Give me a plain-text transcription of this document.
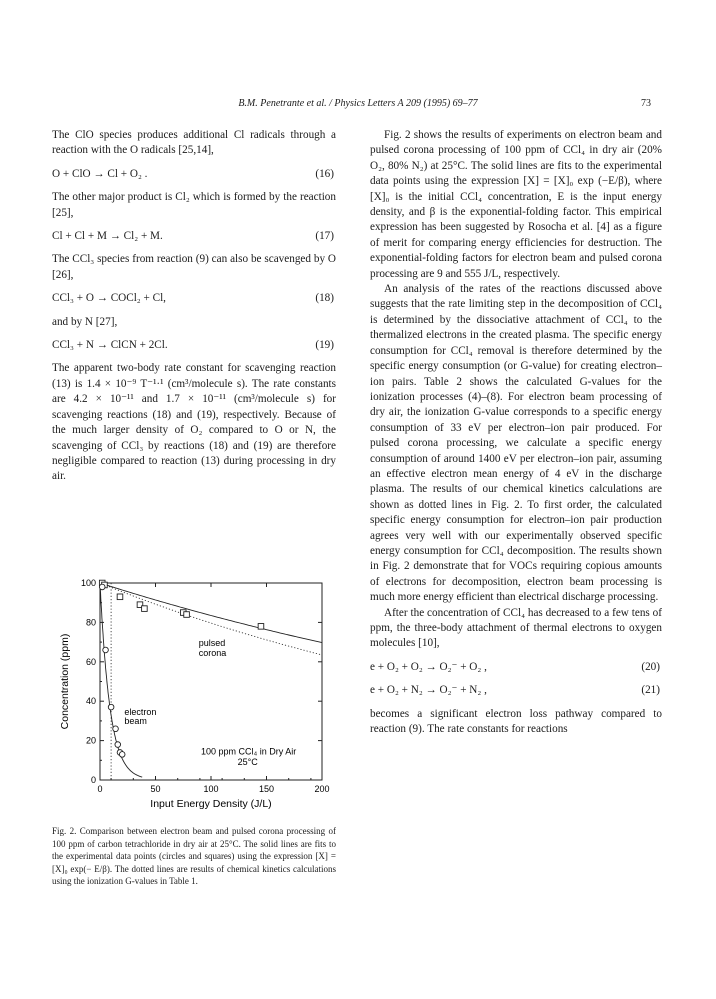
B.M. Penetrante et al. / Physics Letters A 209 (1995) 69–77	73

The ClO species produces additional Cl radicals through a reaction with the O radicals [25,14],

O + ClO → Cl + O₂ .	(16)

The other major product is Cl₂ which is formed by the reaction [25],

Cl + Cl + M → Cl₂ + M.	(17)

The CCl₃ species from reaction (9) can also be scavenged by O [26],

CCl₃ + O → COCl₂ + Cl,	(18)

and by N [27],

CCl₃ + N → ClCN + 2Cl.	(19)

The apparent two-body rate constant for scavenging reaction (13) is 1.4 × 10⁻⁹ T⁻¹·¹ (cm³/molecule s). The rate constants are 4.2 × 10⁻¹¹ and 1.7 × 10⁻¹¹ (cm³/molecule s) for scavenging reactions (18) and (19), respectively. Because of the much larger density of O₂ compared to O or N, the scavenging of CCl₃ by reactions (18) and (19) are therefore negligible compared to reaction (13) during processing in dry air.

Fig. 2 shows the results of experiments on electron beam and pulsed corona processing of 100 ppm of CCl₄ in dry air (20% O₂, 80% N₂) at 25°C. The solid lines are fits to the experimental data points using the expression [X] = [X]₀ exp (−E/β), where [X]₀ is the initial CCl₄ concentration, E is the input energy density, and β is the exponential-folding factor. This empirical expression has been suggested by Rosocha et al. [4] as a figure of merit for comparing energy efficiencies for destruction. The exponential-folding factors for electron beam and pulsed corona processing are 9 and 555 J/L, respectively.

An analysis of the rates of the reactions discussed above suggests that the rate limiting step in the decomposition of CCl₄ is determined by the dissociative attachment of CCl₄ to the thermalized electrons in the created plasma. The specific energy consumption for CCl₄ removal is therefore determined by the specific energy consumption (or G-value) for creating electron–ion pairs. Table 2 shows the calculated G-values for the ionization processes (4)–(8). For electron beam processing of dry air, the ionization G-value corresponds to a specific energy consumption of 33 eV per electron–ion pair produced. For pulsed corona processing, we calculate a specific energy consumption of around 1400 eV per electron–ion pair, assuming an effective electron mean energy of 4 eV in the discharge plasma. The results of our chemical kinetics calculations are shown as dotted lines in Fig. 2. To first order, the calculated specific energy consumption for electron–ion pair production agrees very well with our experimentally observed specific energy consumption for CCl₄ decomposition. The results shown in Fig. 2 demonstrate that for VOCs requiring copious amounts of electrons for decomposition, electron beam processing is much more energy efficient than electrical discharge processing.

After the concentration of CCl₄ has decreased to a few tens of ppm, the three-body attachment of thermal electrons to oxygen molecules [10],

e + O₂ + O₂ → O₂⁻ + O₂ ,	(20)
e + O₂ + N₂ → O₂⁻ + N₂ ,	(21)

becomes a significant electron loss pathway compared to reaction (9). The rate constants for reactions

0	50	100	150	200
0
20
40
60
80
100
Input Energy Density (J/L)
Concentration (ppm)	pulsed
corona
electron
beam
100 ppm CCl₄ in Dry Air
25°C

Fig. 2. Comparison between electron beam and pulsed corona processing of 100 ppm of carbon tetrachloride in dry air at 25°C. The solid lines are fits to the experimental data points (circles and squares) using the expression [X] = [X]₀ exp(− E/β). The dotted lines are results of chemical kinetics calculations using the ionization G-values in Table 1.
